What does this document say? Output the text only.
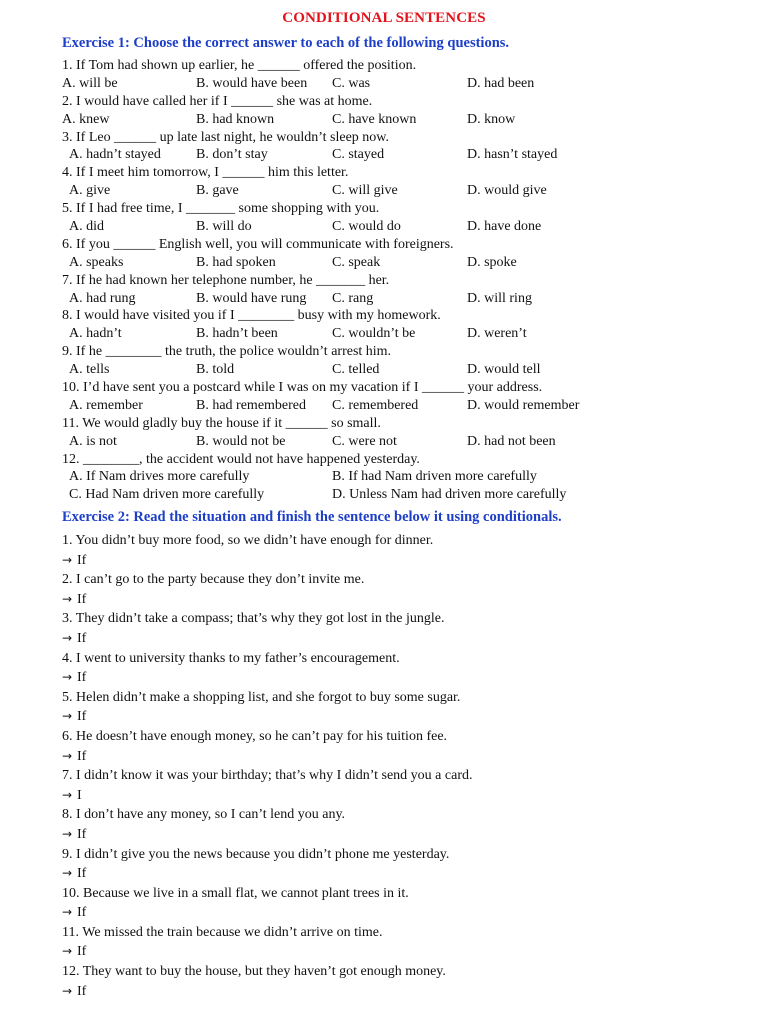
CONDITIONAL SENTENCES
Exercise 1: Choose the correct answer to each of the following questions.
1. If Tom had shown up earlier, he ______ offered the position.
A. will be	B. would have been C. was	D. had been
2. I would have called her if I ______ she was at home.
A. knew	B. had known	C. have known	D. know
3. If Leo ______ up late last night, he wouldn’t sleep now.
A. hadn’t stayed	B. don’t stay	C. stayed	D. hasn’t stayed
4. If I meet him tomorrow, I ______ him this letter.
A. give	B. gave	C. will give	D. would give
5. If I had free time, I _______ some shopping with you.
A. did	B. will do	C. would do	D. have done
6. If you ______ English well, you will communicate with foreigners.
A. speaks	B. had spoken	C. speak	D. spoke
7. If he had known her telephone number, he _______ her.
A. had rung	B. would have rung C. rang	D. will ring
8. I would have visited you if I ________ busy with my homework.
A. hadn’t	B. hadn’t been	C. wouldn’t be	D. weren’t
9. If he ________ the truth, the police wouldn’t arrest him.
A. tells	B. told	C. telled	D. would tell
10. I’d have sent you a postcard while I was on my vacation if I ______ your address.
A. remember	B. had remembered C. remembered	D. would remember
11. We would gladly buy the house if it ______ so small.
A. is not	B. would not be	C. were not	D. had not been
12. ________, the accident would not have happened yesterday.
A. If Nam drives more carefully	B. If had Nam driven more carefully
C. Had Nam driven more carefully	D. Unless Nam had driven more carefully
Exercise 2: Read the situation and finish the sentence below it using conditionals.
1. You didn’t buy more food, so we didn’t have enough for dinner.
→ If
2. I can’t go to the party because they don’t invite me.
→ If
3. They didn’t take a compass; that’s why they got lost in the jungle.
→ If
4. I went to university thanks to my father’s encouragement.
→ If
5. Helen didn’t make a shopping list, and she forgot to buy some sugar.
→ If
6. He doesn’t have enough money, so he can’t pay for his tuition fee.
→ If
7. I didn’t know it was your birthday; that’s why I didn’t send you a card.
→ I
8. I don’t have any money, so I can’t lend you any.
→ If
9. I didn’t give you the news because you didn’t phone me yesterday.
→ If
10. Because we live in a small flat, we cannot plant trees in it.
→ If
11. We missed the train because we didn’t arrive on time.
→ If
12. They want to buy the house, but they haven’t got enough money.
→ If
